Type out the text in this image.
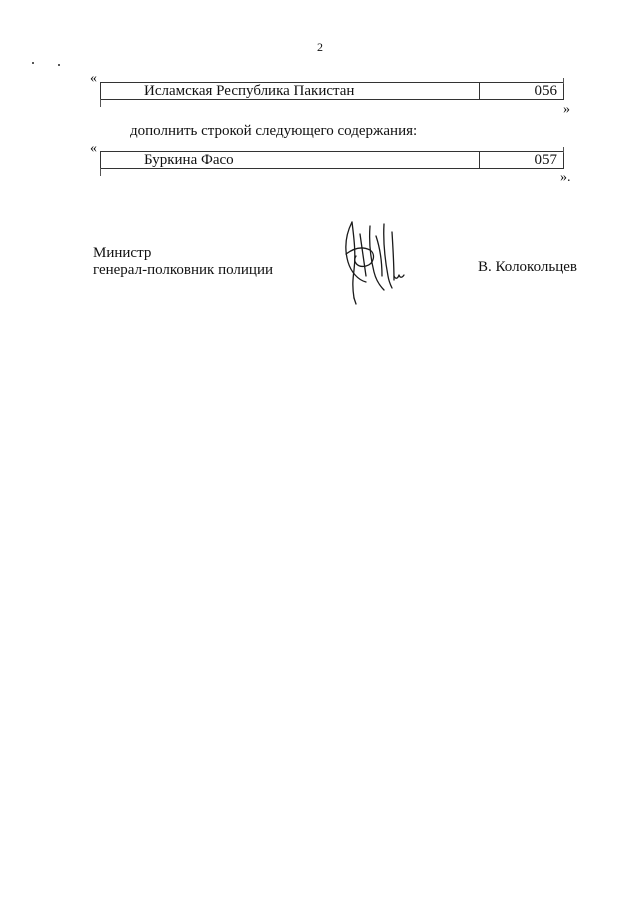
2
«
Исламская Республика Пакистан	056
»
дополнить строкой следующего содержания:
«
Буркина Фасо	057
».
Министр
генерал-полковник полиции	В. Колокольцев
